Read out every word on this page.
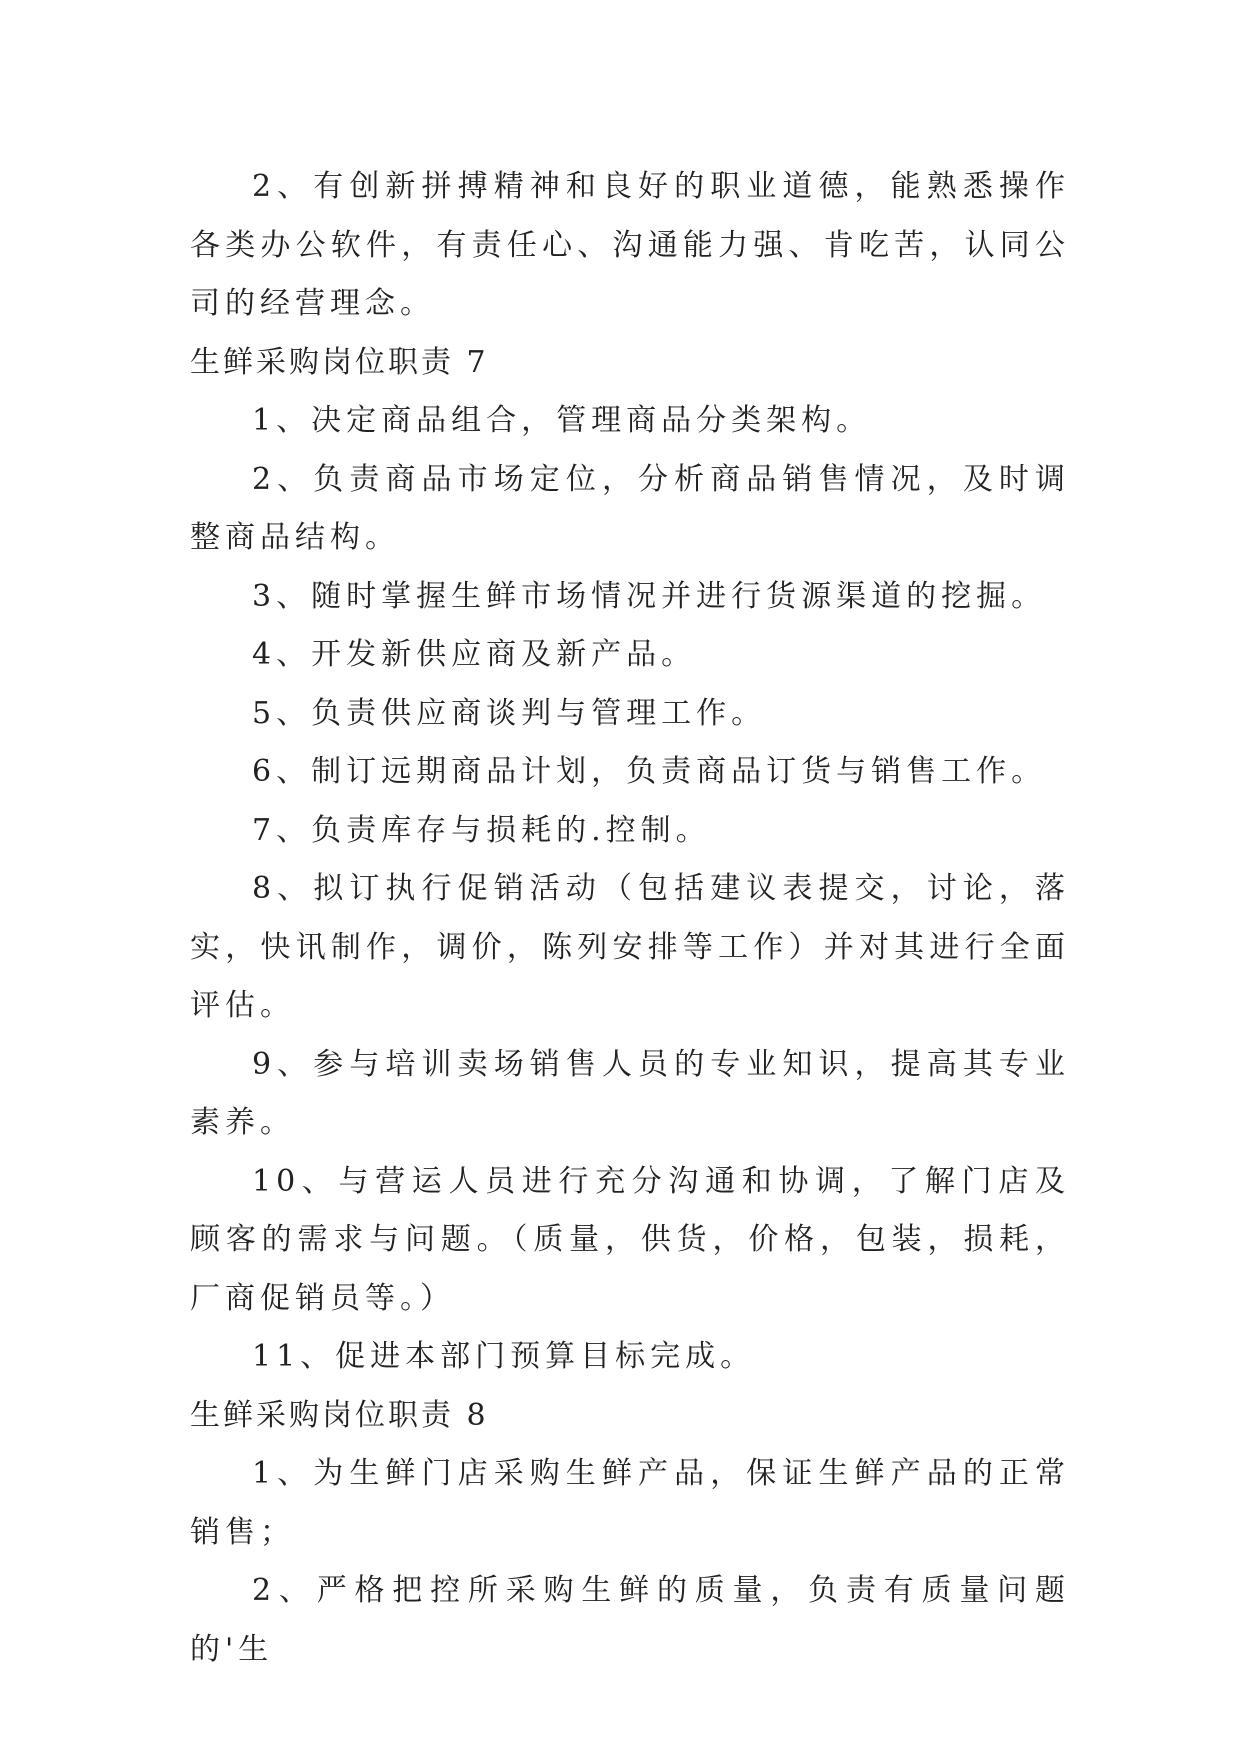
2、有创新拼搏精神和良好的职业道德，能熟悉操作各类办公软件，有责任心、沟通能力强、肯吃苦，认同公司的经营理念。

生鲜采购岗位职责 7

1、决定商品组合，管理商品分类架构。

2、负责商品市场定位，分析商品销售情况，及时调整商品结构。

3、随时掌握生鲜市场情况并进行货源渠道的挖掘。

4、开发新供应商及新产品。

5、负责供应商谈判与管理工作。

6、制订远期商品计划，负责商品订货与销售工作。

7、负责库存与损耗的.控制。

8、拟订执行促销活动（包括建议表提交，讨论，落实，快讯制作，调价，陈列安排等工作）并对其进行全面评估。

9、参与培训卖场销售人员的专业知识，提高其专业素养。

10、与营运人员进行充分沟通和协调，了解门店及顾客的需求与问题。（质量，供货，价格，包装，损耗，厂商促销员等。）

11、促进本部门预算目标完成。

生鲜采购岗位职责 8

1、为生鲜门店采购生鲜产品，保证生鲜产品的正常销售；

2、严格把控所采购生鲜的质量，负责有质量问题的'生
